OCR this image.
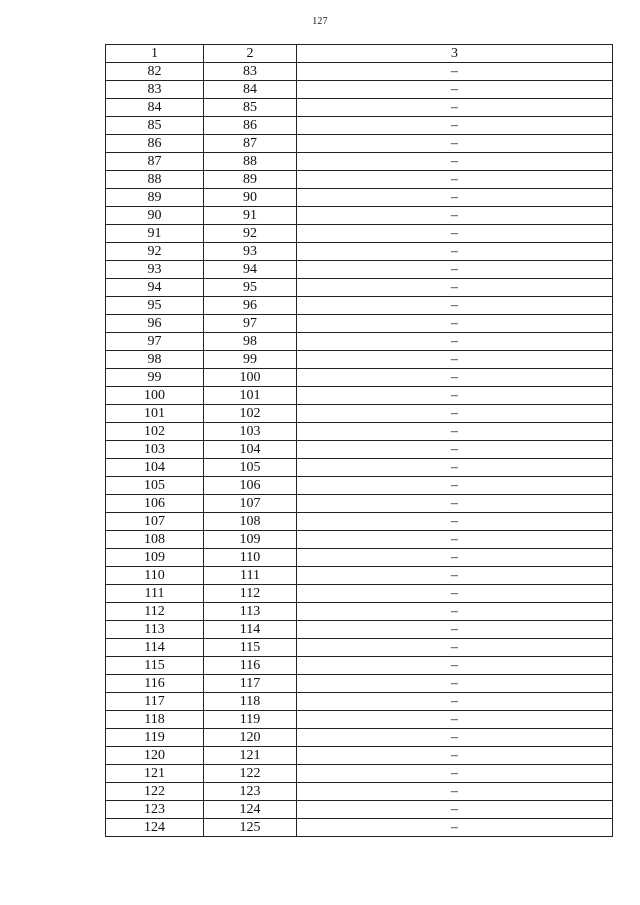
127
1	2	3
82	83	–
83	84	–
84	85	–
85	86	–
86	87	–
87	88	–
88	89	–
89	90	–
90	91	–
91	92	–
92	93	–
93	94	–
94	95	–
95	96	–
96	97	–
97	98	–
98	99	–
99	100	–
100	101	–
101	102	–
102	103	–
103	104	–
104	105	–
105	106	–
106	107	–
107	108	–
108	109	–
109	110	–
110	111	–
111	112	–
112	113	–
113	114	–
114	115	–
115	116	–
116	117	–
117	118	–
118	119	–
119	120	–
120	121	–
121	122	–
122	123	–
123	124	–
124	125	–
